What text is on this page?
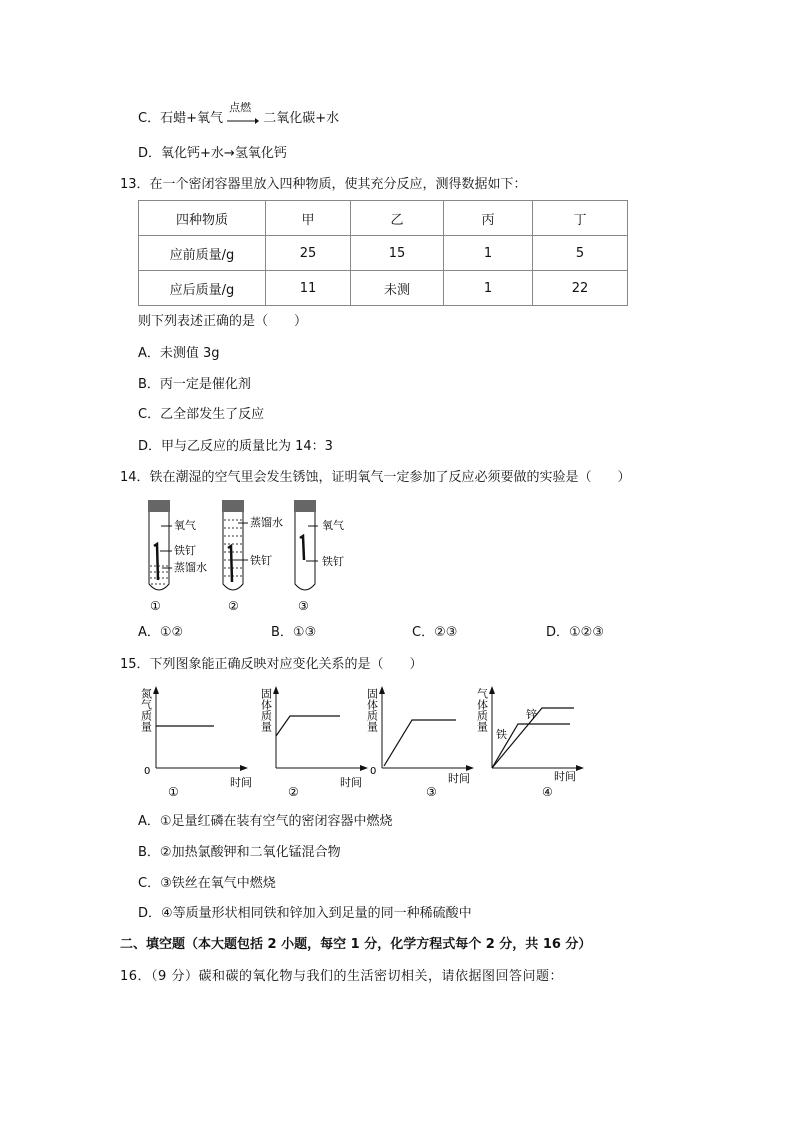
C．石蜡+氧气
点燃
二氧化碳+水
D．氧化钙+水→氢氧化钙
13．在一个密闭容器里放入四种物质，使其充分反应，测得数据如下：
四种物质	甲	乙	丙	丁
应前质量/g	25	15	1	5
应后质量/g	11	未测	1	22
则下列表述正确的是（　　）
A．未测值 3g
B．丙一定是催化剂
C．乙全部发生了反应
D．甲与乙反应的质量比为 14：3
14．铁在潮湿的空气里会发生锈蚀，证明氧气一定参加了反应必须要做的实验是（　　）
氧气
铁钉
蒸馏水
①
蒸馏水
铁钉
②
氧气
铁钉
③
A．①②	B．①③	C．②③	D．①②③
15．下列图象能正确反映对应变化关系的是（　　）
氮气质量
0
时间
①
固体质量
时间
②
固体质量
0
时间
③
气体质量	锌
铁
时间
④
A．①足量红磷在装有空气的密闭容器中燃烧
B．②加热氯酸钾和二氧化锰混合物
C．③铁丝在氧气中燃烧
D．④等质量形状相同铁和锌加入到足量的同一种稀硫酸中
二、填空题（本大题包括 2 小题，每空 1 分，化学方程式每个 2 分，共 16 分）
16．（9 分）碳和碳的氧化物与我们的生活密切相关，请依据图回答问题：
